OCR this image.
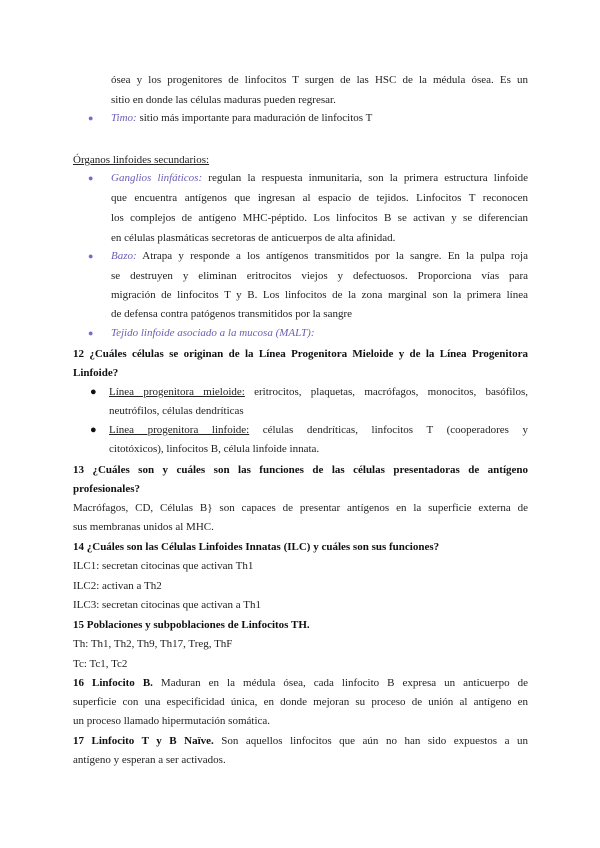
ósea y los progenitores de linfocitos T surgen de las HSC de la médula ósea. Es un
sitio en donde las células maduras pueden regresar.
●	Timo: sitio más importante para maduración de linfocitos T
Órganos linfoides secundarios:
●	Ganglios linfáticos: regulan la respuesta inmunitaria, son la primera estructura linfoide
que encuentra antígenos que ingresan al espacio de tejidos. Linfocitos T reconocen
los complejos de antígeno MHC-péptido. Los linfocitos B se activan y se diferencian
en células plasmáticas secretoras de anticuerpos de alta afinidad.
●	Bazo: Atrapa y responde a los antígenos transmitidos por la sangre. En la pulpa roja
se destruyen y eliminan eritrocitos viejos y defectuosos. Proporciona vías para
migración de linfocitos T y B. Los linfocitos de la zona marginal son la primera línea
de defensa contra patógenos transmitidos por la sangre
●	Tejido linfoide asociado a la mucosa (MALT):
12 ¿Cuáles células se originan de la Línea Progenitora Mieloide y de la Línea Progenitora
Linfoide?
●	Línea progenitora mieloide: eritrocitos, plaquetas, macrófagos, monocitos, basófilos,
neutrófilos, células dendríticas
●	Línea progenitora linfoide: células dendríticas, linfocitos T (cooperadores y
citotóxicos), linfocitos B, célula linfoide innata.
13 ¿Cuáles son y cuáles son las funciones de las células presentadoras de antígeno
profesionales?
Macrófagos, CD, Células B} son capaces de presentar antígenos en la superficie externa de
sus membranas unidos al MHC.
14 ¿Cuáles son las Células Linfoides Innatas (ILC) y cuáles son sus funciones?
ILC1: secretan citocinas que activan Th1
ILC2: activan a Th2
ILC3: secretan citocinas que activan a Th1
15 Poblaciones y subpoblaciones de Linfocitos TH.
Th: Th1, Th2, Th9, Th17, Treg, ThF
Tc: Tc1, Tc2
16 Linfocito B. Maduran en la médula ósea, cada linfocito B expresa un anticuerpo de
superficie con una especificidad única, en donde mejoran su proceso de unión al antígeno en
un proceso llamado hipermutación somática.
17 Linfocito T y B Naïve. Son aquellos linfocitos que aún no han sido expuestos a un
antígeno y esperan a ser activados.
